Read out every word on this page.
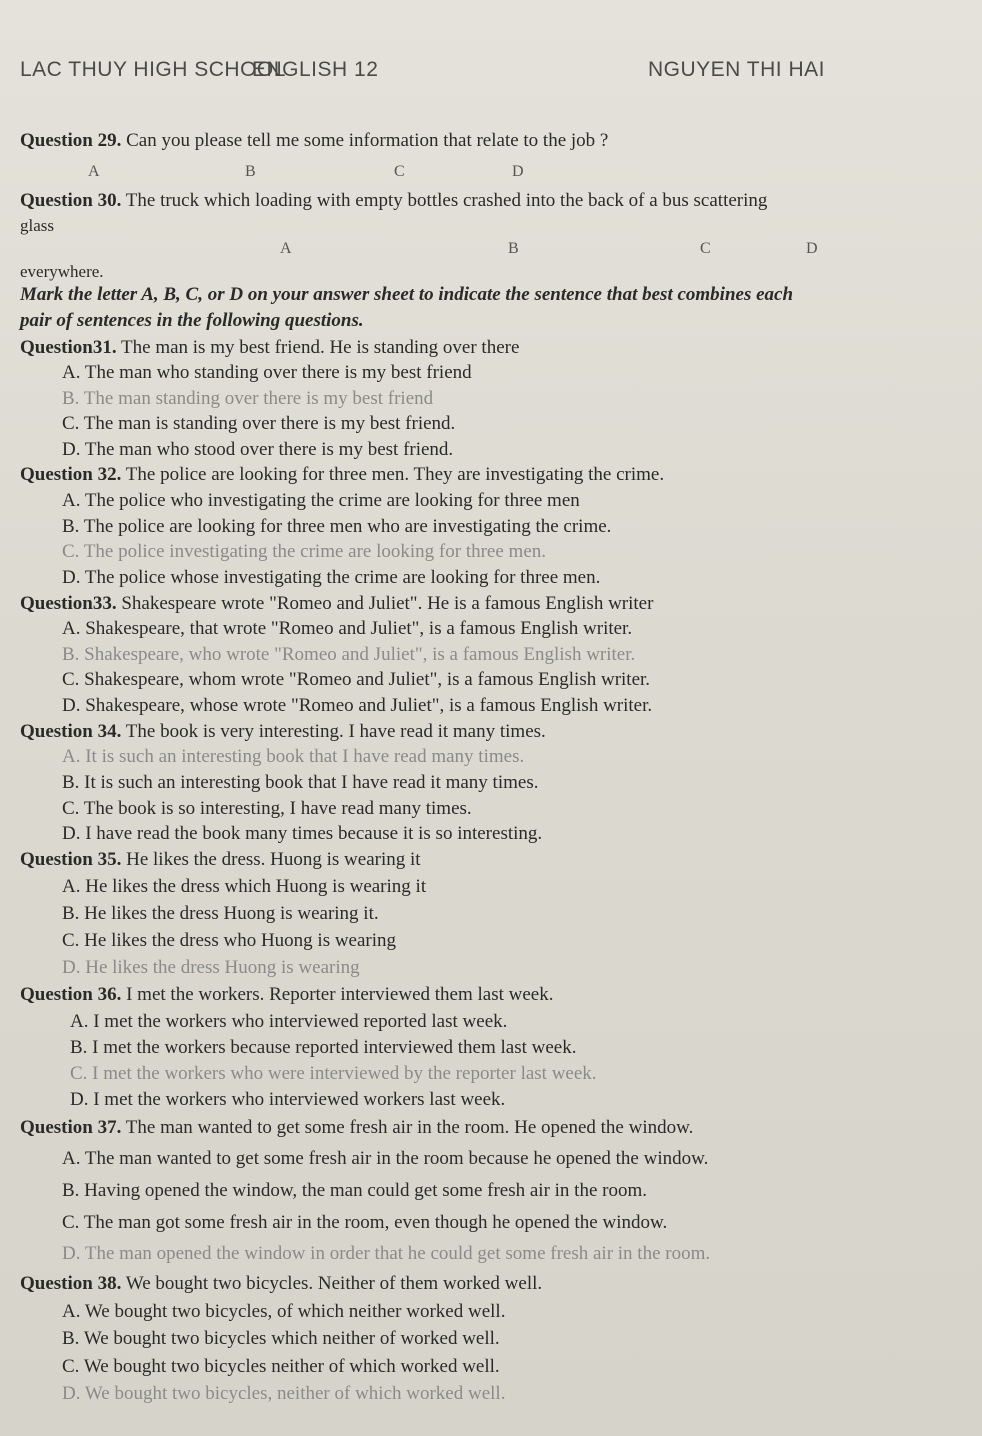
LAC THUY HIGH SCHOOL
ENGLISH 12	NGUYEN THI HAI
Question 29. Can you please tell me some information that relate to the job ?
A	B	C	D
Question 30. The truck which loading with empty bottles crashed into the back of a bus scattering
glass
A	B	C	D
everywhere.
Mark the letter A, B, C, or D on your answer sheet to indicate the sentence that best combines each
pair of sentences in the following questions.
Question31. The man is my best friend. He is standing over there
A. The man who standing over there is my best friend
B. The man standing over there is my best friend
C. The man is standing over there is my best friend.
D. The man who stood over there is my best friend.
Question 32. The police are looking for three men. They are investigating the crime.
A. The police who investigating the crime are looking for three men
B. The police are looking for three men who are investigating the crime.
C. The police investigating the crime are looking for three men.
D. The police whose investigating the crime are looking for three men.
Question33. Shakespeare wrote "Romeo and Juliet". He is a famous English writer
A. Shakespeare, that wrote "Romeo and Juliet", is a famous English writer.
B. Shakespeare, who wrote "Romeo and Juliet", is a famous English writer.
C. Shakespeare, whom wrote "Romeo and Juliet", is a famous English writer.
D. Shakespeare, whose wrote "Romeo and Juliet", is a famous English writer.
Question 34. The book is very interesting. I have read it many times.
A. It is such an interesting book that I have read many times.
B. It is such an interesting book that I have read it many times.
C. The book is so interesting, I have read many times.
D. I have read the book many times because it is so interesting.
Question 35. He likes the dress. Huong is wearing it
A. He likes the dress which Huong is wearing it
B. He likes the dress Huong is wearing it.
C. He likes the dress who Huong is wearing
D. He likes the dress Huong is wearing
Question 36. I met the workers. Reporter interviewed them last week.
A. I met the workers who interviewed reported last week.
B. I met the workers because reported interviewed them last week.
C. I met the workers who were interviewed by the reporter last week.
D. I met the workers who interviewed workers last week.
Question 37. The man wanted to get some fresh air in the room. He opened the window.
A. The man wanted to get some fresh air in the room because he opened the window.
B. Having opened the window, the man could get some fresh air in the room.
C. The man got some fresh air in the room, even though he opened the window.
D. The man opened the window in order that he could get some fresh air in the room.
Question 38. We bought two bicycles. Neither of them worked well.
A. We bought two bicycles, of which neither worked well.
B. We bought two bicycles which neither of worked well.
C. We bought two bicycles neither of which worked well.
D. We bought two bicycles, neither of which worked well.
